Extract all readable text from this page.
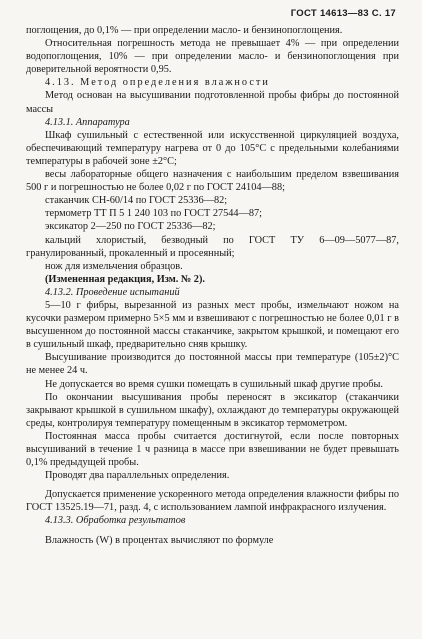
ГОСТ 14613—83 С. 17

поглощения, до 0,1% — при определении масло- и бензинопоглощения.

Относительная погрешность метода не превышает 4% — при определении водопоглощения, 10% — при определении масло- и бензинопоглощения при доверительной вероятности 0,95.

4.13. Метод определения влажности

Метод основан на высушивании подготовленной пробы фибры до постоянной массы

4.13.1. Аппаратура

Шкаф сушильный с естественной или искусственной циркуляцией воздуха, обеспечивающий температуру нагрева от 0 до 105°С с предельными колебаниями температуры в рабочей зоне ±2°С;

весы лабораторные общего назначения с наибольшим пределом взвешивания 500 г и погрешностью не более 0,02 г по ГОСТ 24104—88;

стаканчик СН-60/14 по ГОСТ 25336—82;

термометр ТТ П 5 1 240 103 по ГОСТ 27544—87;

эксикатор 2—250 по ГОСТ 25336—82;

кальций хлористый, безводный по ГОСТ ТУ 6—09—5077—87, гранулированный, прокаленный и просеянный;

нож для измельчения образцов.

(Измененная редакция, Изм. № 2).

4.13.2. Проведение испытаний

5—10 г фибры, вырезанной из разных мест пробы, измельчают ножом на кусочки размером примерно 5×5 мм и взвешивают с погрешностью не более 0,01 г в высушенном до постоянной массы стаканчике, закрытом крышкой, и помещают его в сушильный шкаф, предварительно сняв крышку.

Высушивание производится до постоянной массы при температуре (105±2)°С не менее 24 ч.

Не допускается во время сушки помещать в сушильный шкаф другие пробы.

По окончании высушивания пробы переносят в эксикатор (стаканчики закрывают крышкой в сушильном шкафу), охлаждают до температуры окружающей среды, контролируя температуру помещенным в эксикатор термометром.

Постоянная масса пробы считается достигнутой, если после повторных высушиваний в течение 1 ч разница в массе при взвешивании не будет превышать 0,1% предыдущей пробы.

Проводят два параллельных определения.

Допускается применение ускоренного метода определения влажности фибры по ГОСТ 13525.19—71, разд. 4, с использованием лампой инфракрасного излучения.

4.13.3. Обработка результатов

Влажность (W) в процентах вычисляют по формуле
